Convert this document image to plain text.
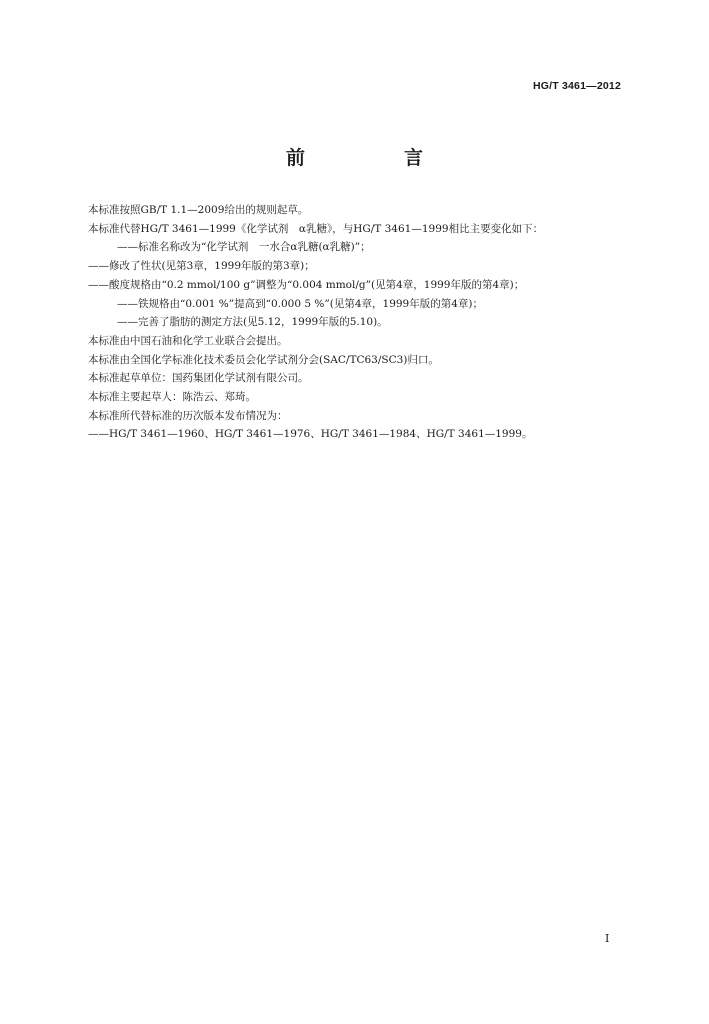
HG/T 3461—2012
前　言
本标准按照GB/T 1.1—2009给出的规则起草。
本标准代替HG/T 3461—1999《化学试剂　α乳糖》，与HG/T 3461—1999相比主要变化如下：
——标准名称改为“化学试剂　一水合α乳糖(α乳糖)”；
——修改了性状(见第3章，1999年版的第3章)；
——酸度规格由“0.2 mmol/100 g”调整为“0.004 mmol/g”(见第4章，1999年版的第4章)；
——铁规格由“0.001 %”提高到“0.000 5 %”(见第4章，1999年版的第4章)；
——完善了脂肪的测定方法(见5.12，1999年版的5.10)。
本标准由中国石油和化学工业联合会提出。
本标准由全国化学标准化技术委员会化学试剂分会(SAC/TC63/SC3)归口。
本标准起草单位：国药集团化学试剂有限公司。
本标准主要起草人：陈浩云、郑琦。
本标准所代替标准的历次版本发布情况为：
——HG/T 3461—1960、HG/T 3461—1976、HG/T 3461—1984、HG/T 3461—1999。
I
